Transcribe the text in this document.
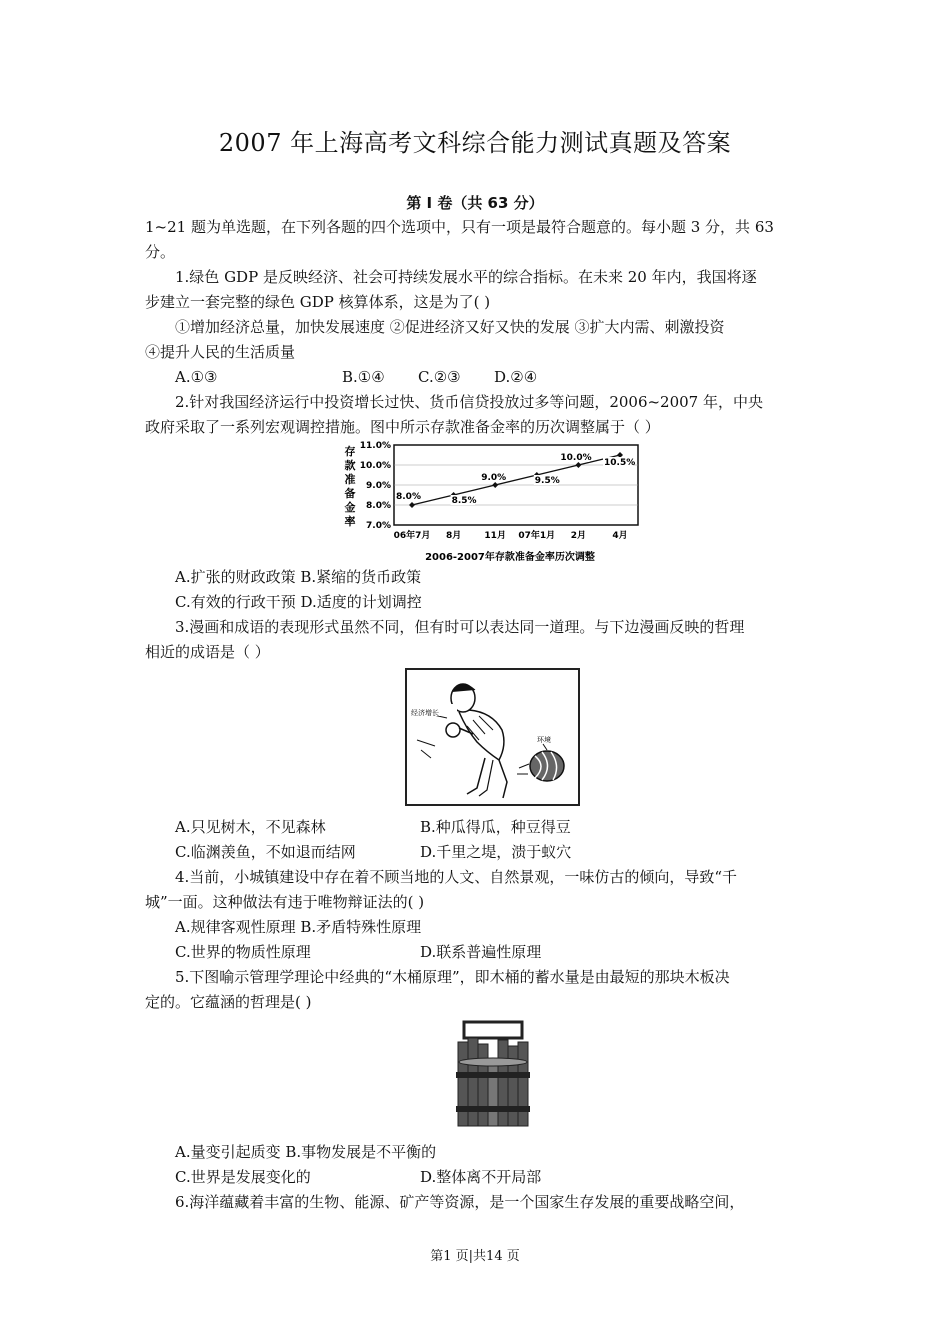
2007 年上海高考文科综合能力测试真题及答案
第 I 卷（共 63 分）
1~21 题为单选题，在下列各题的四个选项中，只有一项是最符合题意的。每小题 3 分，共 63
分。
1.绿色 GDP 是反映经济、社会可持续发展水平的综合指标。在未来 20 年内，我国将逐
步建立一套完整的绿色 GDP 核算体系，这是为了( )
①增加经济总量，加快发展速度 ②促进经济又好又快的发展 ③扩大内需、刺激投资
④提升人民的生活质量
A.①③	B.①④ C.②③ D.②④
2.针对我国经济运行中投资增长过快、货币信贷投放过多等问题，2006~2007 年，中央
政府采取了一系列宏观调控措施。图中所示存款准备金率的历次调整属于（ ）
存
款
准
备
金
率 7.0%
8.0%
9.0%
10.0%
11.0%
8.0%	8.5%
9.0%	9.5%
10.0% 10.5%
06年7月 8月	11月 07年1月 2月	4月
2006-2007年存款准备金率历次调整
A.扩张的财政政策 B.紧缩的货币政策
C.有效的行政干预 D.适度的计划调控
3.漫画和成语的表现形式虽然不同，但有时可以表达同一道理。与下边漫画反映的哲理
相近的成语是（ ）
经济增长
环境
A.只见树木，不见森林	B.种瓜得瓜，种豆得豆
C.临渊羡鱼，不如退而结网	D.千里之堤，溃于蚁穴
4.当前，小城镇建设中存在着不顾当地的人文、自然景观，一味仿古的倾向，导致“千
城”一面。这种做法有违于唯物辩证法的( )
A.规律客观性原理 B.矛盾特殊性原理
C.世界的物质性原理	D.联系普遍性原理
5.下图喻示管理学理论中经典的“木桶原理”，即木桶的蓄水量是由最短的那块木板决
定的。它蕴涵的哲理是( )
A.量变引起质变 B.事物发展是不平衡的
C.世界是发展变化的	D.整体离不开局部
6.海洋蕴藏着丰富的生物、能源、矿产等资源，是一个国家生存发展的重要战略空间，
第1 页|共14 页
